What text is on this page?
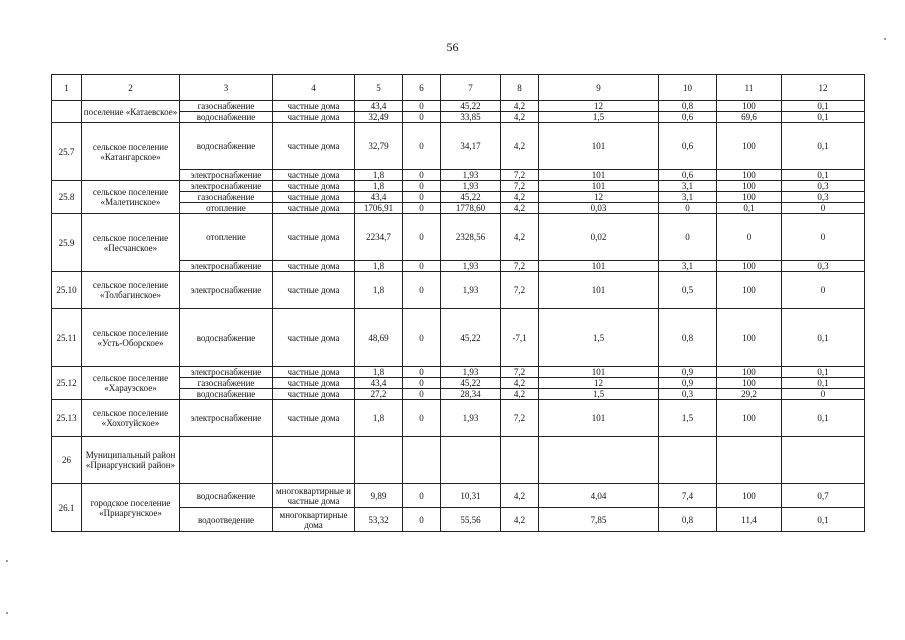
56
1	2	3	4	5	6	7	8	9	10	11	12
	поселение «Катаевское»	газоснабжение	частные дома	43,4	0	45,22	4,2	12	0,8	100	0,1
		водоснабжение	частные дома	32,49	0	33,85	4,2	1,5	0,6	69,6	0,1
25.7	сельское поселение «Катангарское»	водоснабжение	частные дома	32,79	0	34,17	4,2	101	0,6	100	0,1
		электроснабжение	частные дома	1,8	0	1,93	7,2	101	0,6	100	0,1
25.8	сельское поселение «Малетинское»	электроснабжение	частные дома	1,8	0	1,93	7,2	101	3,1	100	0,3
		газоснабжение	частные дома	43,4	0	45,22	4,2	12	3,1	100	0,3
		отопление	частные дома	1706,91	0	1778,60	4,2	0,03	0	0,1	0
25.9	сельское поселение «Песчанское»	отопление	частные дома	2234,7	0	2328,56	4,2	0,02	0	0	0
		электроснабжение	частные дома	1,8	0	1,93	7,2	101	3,1	100	0,3
25.10	сельское поселение «Толбагинское»	электроснабжение	частные дома	1,8	0	1,93	7,2	101	0,5	100	0
25.11	сельское поселение «Усть-Оборское»	водоснабжение	частные дома	48,69	0	45,22	-7,1	1,5	0,8	100	0,1
25.12	сельское поселение «Харауэское»	электроснабжение	частные дома	1,8	0	1,93	7,2	101	0,9	100	0,1
		газоснабжение	частные дома	43,4	0	45,22	4,2	12	0,9	100	0,1
		водоснабжение	частные дома	27,2	0	28,34	4,2	1,5	0,3	29,2	0
25.13	сельское поселение «Хохотуйское»	электроснабжение	частные дома	1,8	0	1,93	7,2	101	1,5	100	0,1
26	Муниципальный район «Приаргунский район»										
26.1	городское поселение «Приаргунское»	водоснабжение	многоквартирные и частные дома	9,89	0	10,31	4,2	4,04	7,4	100	0,7
		водоотведение	многоквартирные дома	53,32	0	55,56	4,2	7,85	0,8	11,4	0,1
